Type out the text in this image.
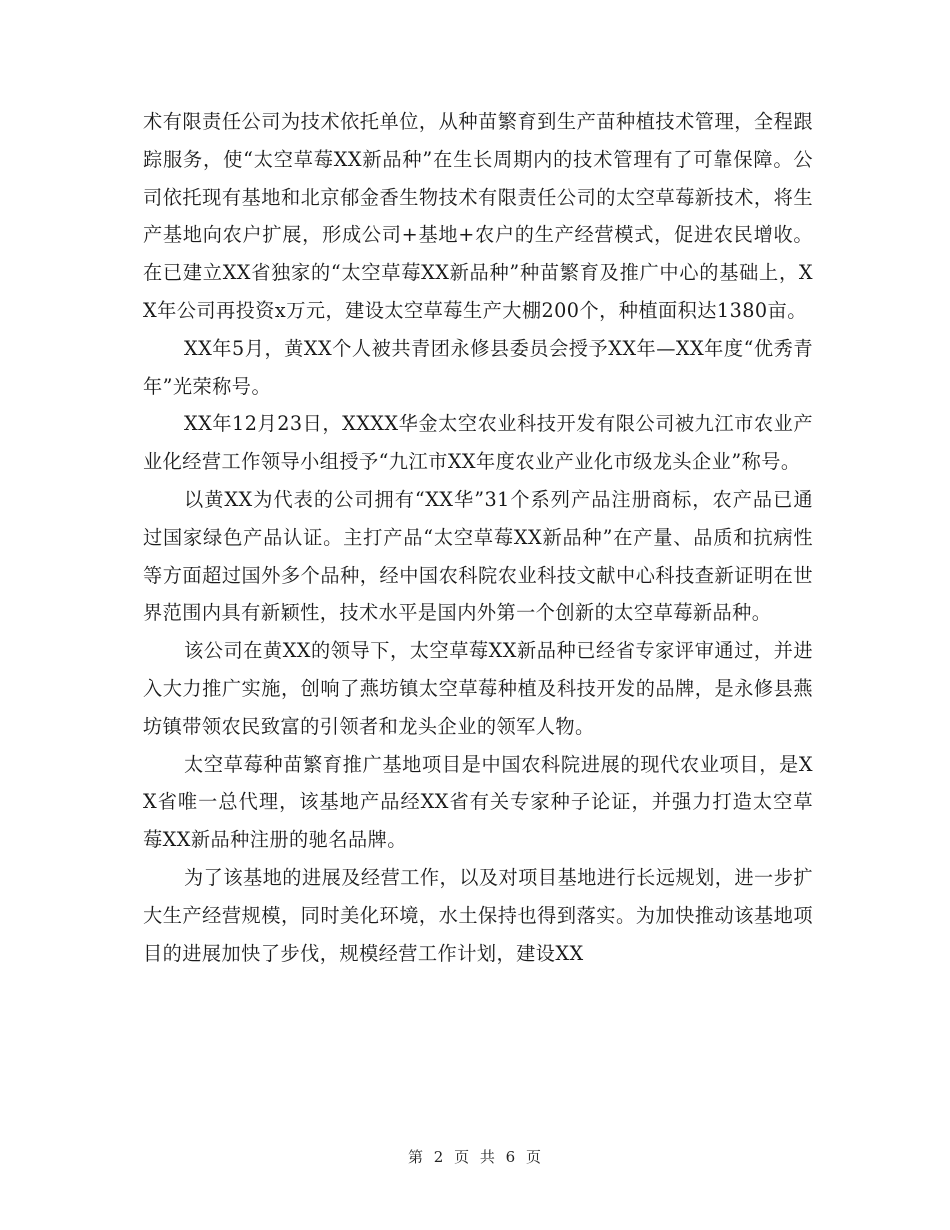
术有限责任公司为技术依托单位，从种苗繁育到生产苗种植技术管理，全程跟踪服务，使“太空草莓XX新品种”在生长周期内的技术管理有了可靠保障。公司依托现有基地和北京郁金香生物技术有限责任公司的太空草莓新技术，将生产基地向农户扩展，形成公司+基地+农户的生产经营模式，促进农民增收。在已建立XX省独家的“太空草莓XX新品种”种苗繁育及推广中心的基础上，XX年公司再投资x万元，建设太空草莓生产大棚200个，种植面积达1380亩。

XX年5月，黄XX个人被共青团永修县委员会授予XX年—XX年度“优秀青年”光荣称号。

XX年12月23日，XXXX华金太空农业科技开发有限公司被九江市农业产业化经营工作领导小组授予“九江市XX年度农业产业化市级龙头企业”称号。

以黄XX为代表的公司拥有“XX华”31个系列产品注册商标，农产品已通过国家绿色产品认证。主打产品“太空草莓XX新品种”在产量、品质和抗病性等方面超过国外多个品种，经中国农科院农业科技文献中心科技查新证明在世界范围内具有新颖性，技术水平是国内外第一个创新的太空草莓新品种。

该公司在黄XX的领导下，太空草莓XX新品种已经省专家评审通过，并进入大力推广实施，创响了燕坊镇太空草莓种植及科技开发的品牌，是永修县燕坊镇带领农民致富的引领者和龙头企业的领军人物。

太空草莓种苗繁育推广基地项目是中国农科院进展的现代农业项目，是XX省唯一总代理，该基地产品经XX省有关专家种子论证，并强力打造太空草莓XX新品种注册的驰名品牌。

为了该基地的进展及经营工作，以及对项目基地进行长远规划，进一步扩大生产经营规模，同时美化环境，水土保持也得到落实。为加快推动该基地项目的进展加快了步伐，规模经营工作计划，建设XX

第 2 页 共 6 页
